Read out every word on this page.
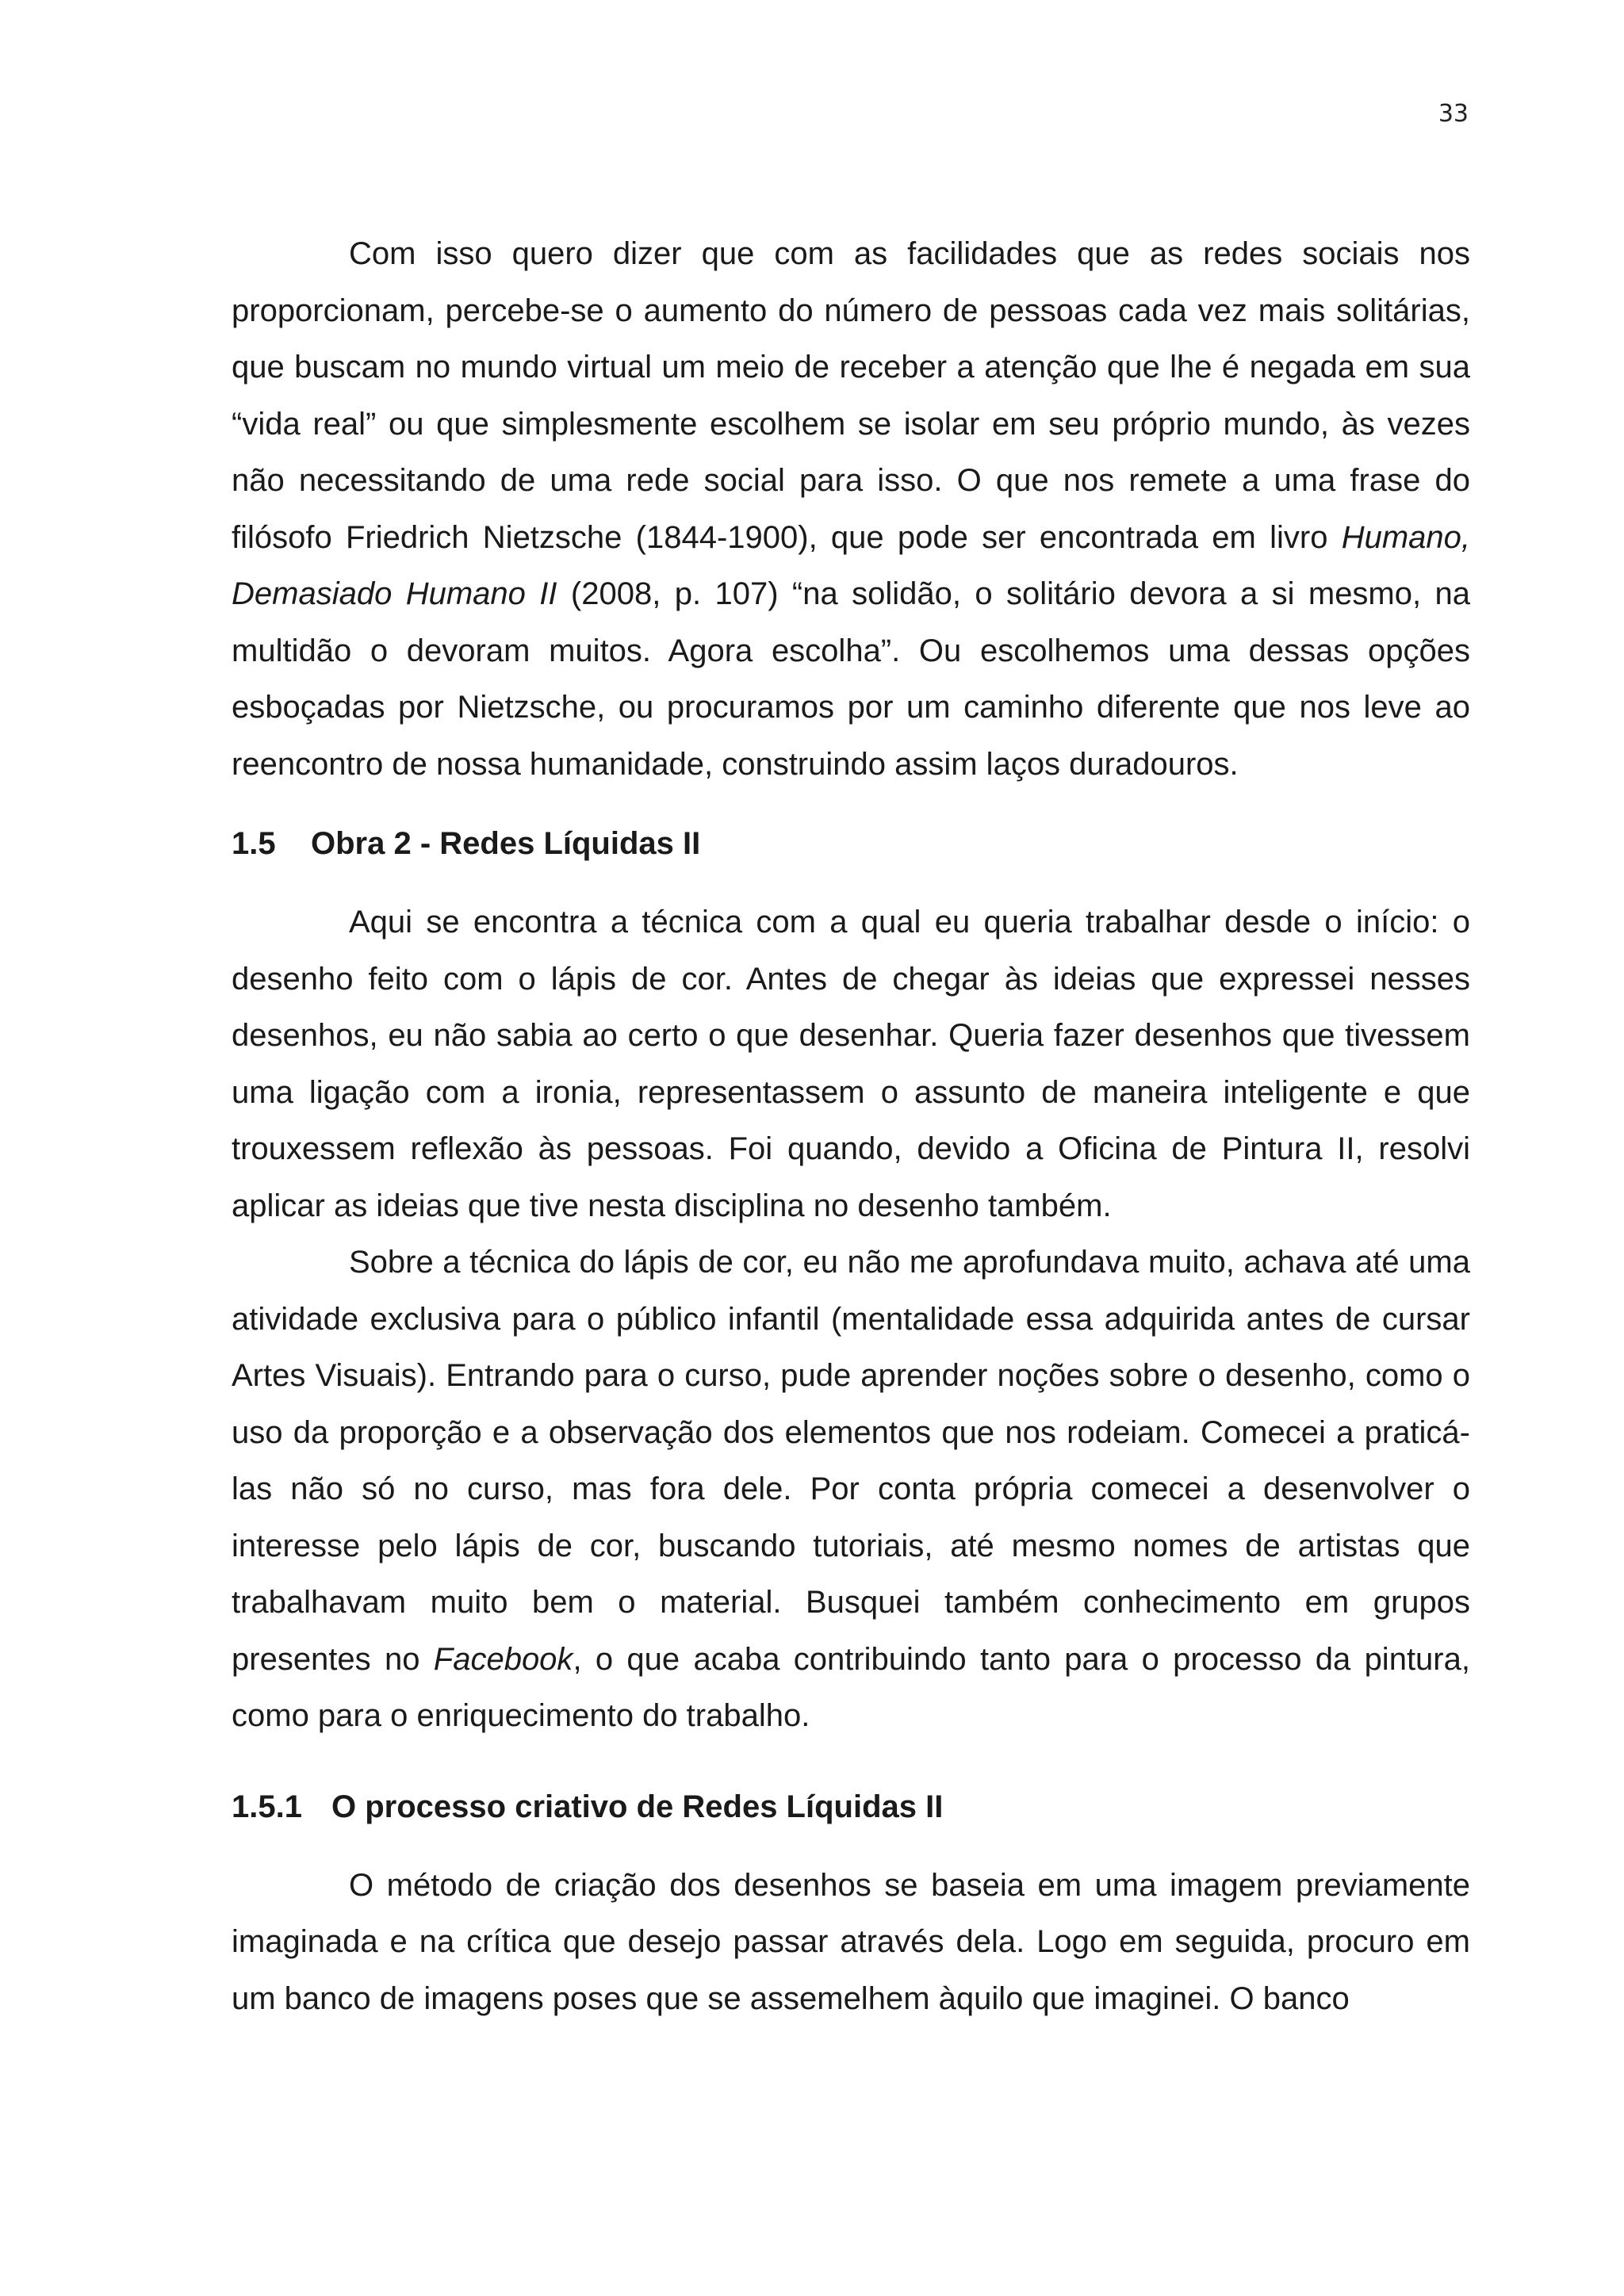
33

Com isso quero dizer que com as facilidades que as redes sociais nos proporcionam, percebe-se o aumento do número de pessoas cada vez mais solitárias, que buscam no mundo virtual um meio de receber a atenção que lhe é negada em sua “vida real” ou que simplesmente escolhem se isolar em seu próprio mundo, às vezes não necessitando de uma rede social para isso. O que nos remete a uma frase do filósofo Friedrich Nietzsche (1844-1900), que pode ser encontrada em livro Humano, Demasiado Humano II (2008, p. 107) “na solidão, o solitário devora a si mesmo, na multidão o devoram muitos. Agora escolha”. Ou escolhemos uma dessas opções esboçadas por Nietzsche, ou procuramos por um caminho diferente que nos leve ao reencontro de nossa humanidade, construindo assim laços duradouros.

1.5	Obra 2 - Redes Líquidas II

Aqui se encontra a técnica com a qual eu queria trabalhar desde o início: o desenho feito com o lápis de cor. Antes de chegar às ideias que expressei nesses desenhos, eu não sabia ao certo o que desenhar. Queria fazer desenhos que tivessem uma ligação com a ironia, representassem o assunto de maneira inteligente e que trouxessem reflexão às pessoas. Foi quando, devido a Oficina de Pintura II, resolvi aplicar as ideias que tive nesta disciplina no desenho também.

Sobre a técnica do lápis de cor, eu não me aprofundava muito, achava até uma atividade exclusiva para o público infantil (mentalidade essa adquirida antes de cursar Artes Visuais). Entrando para o curso, pude aprender noções sobre o desenho, como o uso da proporção e a observação dos elementos que nos rodeiam. Comecei a praticá-las não só no curso, mas fora dele. Por conta própria comecei a desenvolver o interesse pelo lápis de cor, buscando tutoriais, até mesmo nomes de artistas que trabalhavam muito bem o material. Busquei também conhecimento em grupos presentes no Facebook, o que acaba contribuindo tanto para o processo da pintura, como para o enriquecimento do trabalho.

1.5.1 O processo criativo de Redes Líquidas II

O método de criação dos desenhos se baseia em uma imagem previamente imaginada e na crítica que desejo passar através dela. Logo em seguida, procuro em um banco de imagens poses que se assemelhem àquilo que imaginei. O banco
